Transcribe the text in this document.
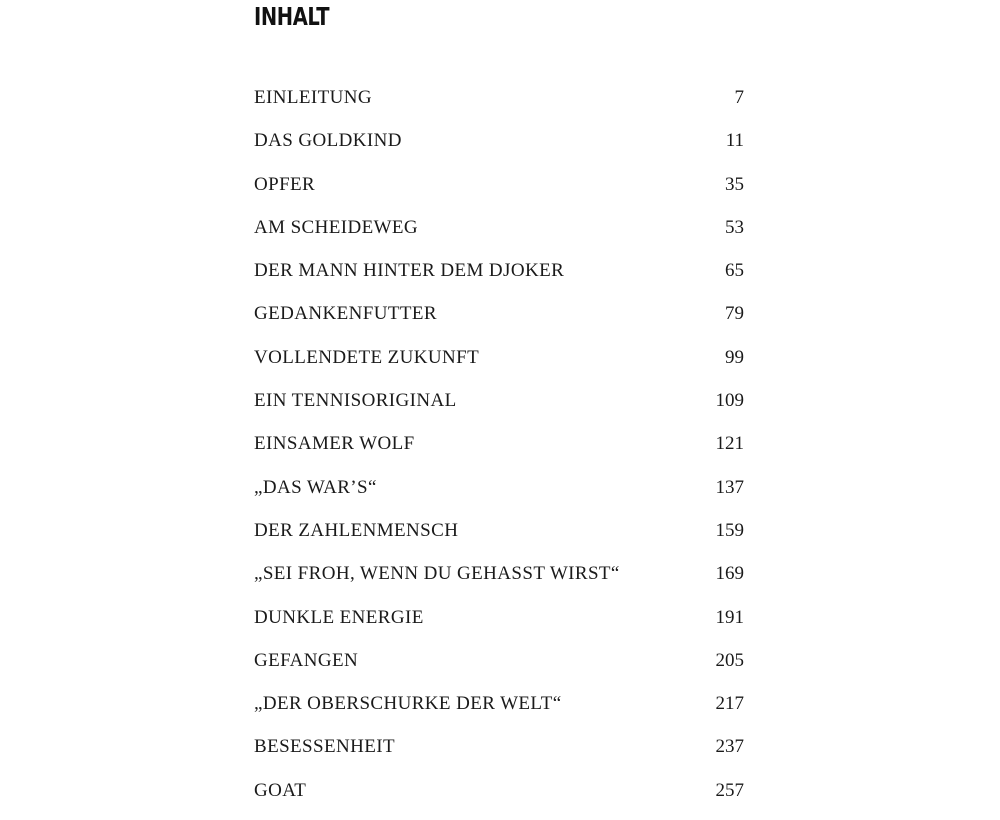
INHALT
EINLEITUNG	7
DAS GOLDKIND	11
OPFER	35
AM SCHEIDEWEG	53
DER MANN HINTER DEM DJOKER	65
GEDANKENFUTTER	79
VOLLENDETE ZUKUNFT	99
EIN TENNISORIGINAL	109
EINSAMER WOLF	121
„DAS WAR’S“	137
DER ZAHLENMENSCH	159
„SEI FROH, WENN DU GEHASST WIRST“	169
DUNKLE ENERGIE	191
GEFANGEN	205
„DER OBERSCHURKE DER WELT“	217
BESESSENHEIT	237
GOAT	257
